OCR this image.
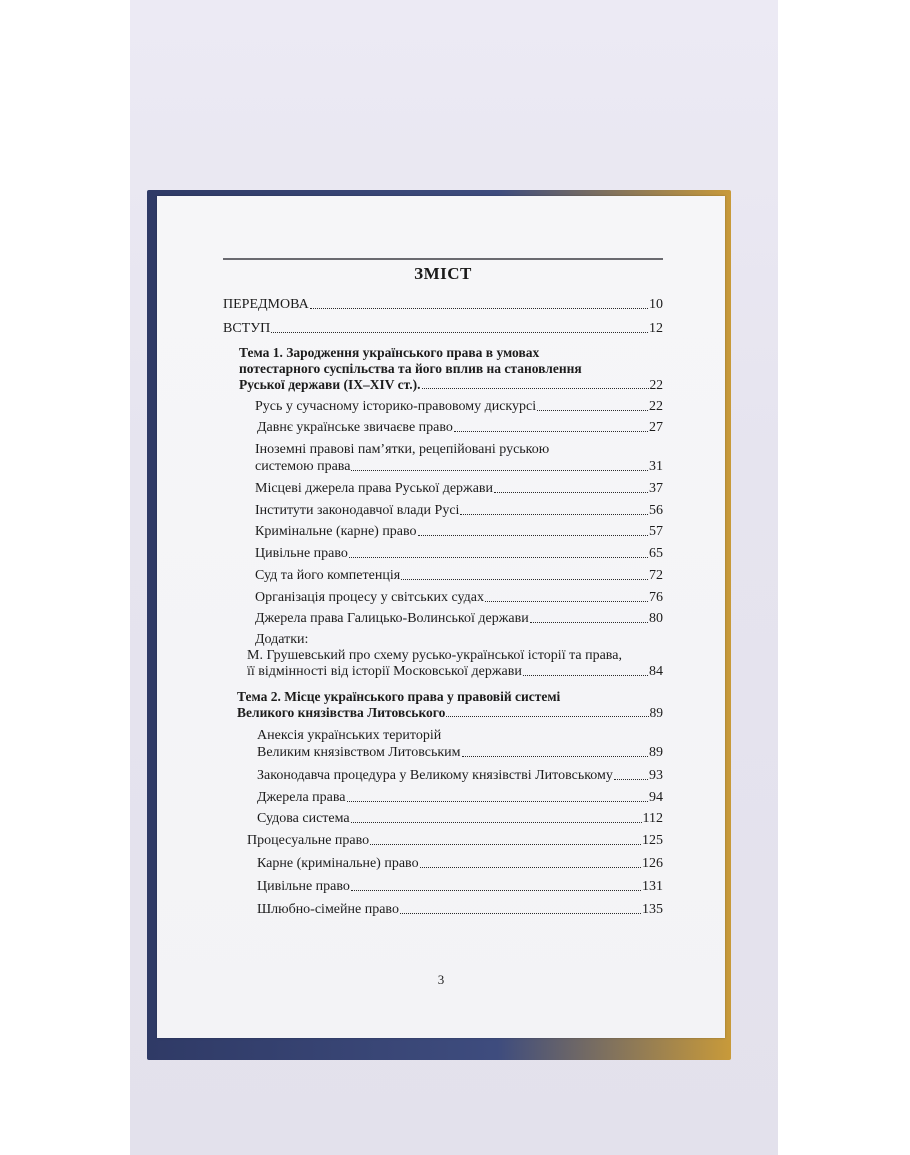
ЗМІСТ
ПЕРЕДМОВА	10
ВСТУП	12
Тема 1. Зародження українського права в умовах
потестарного суспільства та його вплив на становлення
Руської держави (ІХ–ХІV ст.).	22
Русь у сучасному історико-правовому дискурсі	22
Давнє українське звичаєве право	27
Іноземні правові пам’ятки, рецепійовані руською
системою права	31
Місцеві джерела права Руської держави	37
Інститути законодавчої влади Русі	56
Кримінальне (карне) право	57
Цивільне право	65
Суд та його компетенція	72
Організація процесу у світських судах	76
Джерела права Галицько-Волинської держави	80
Додатки:
М. Грушевський про схему русько-української історії та права,
її відмінності від історії Московської держави	84
Тема 2. Місце українського права у правовій системі
Великого князівства Литовського	89
Анексія українських територій
Великим князівством Литовським	89
Законодавча процедура у Великому князівстві Литовському	93
Джерела права	94
Судова система	112
Процесуальне право	125
Карне (кримінальне) право	126
Цивільне право	131
Шлюбно-сімейне право	135
3
